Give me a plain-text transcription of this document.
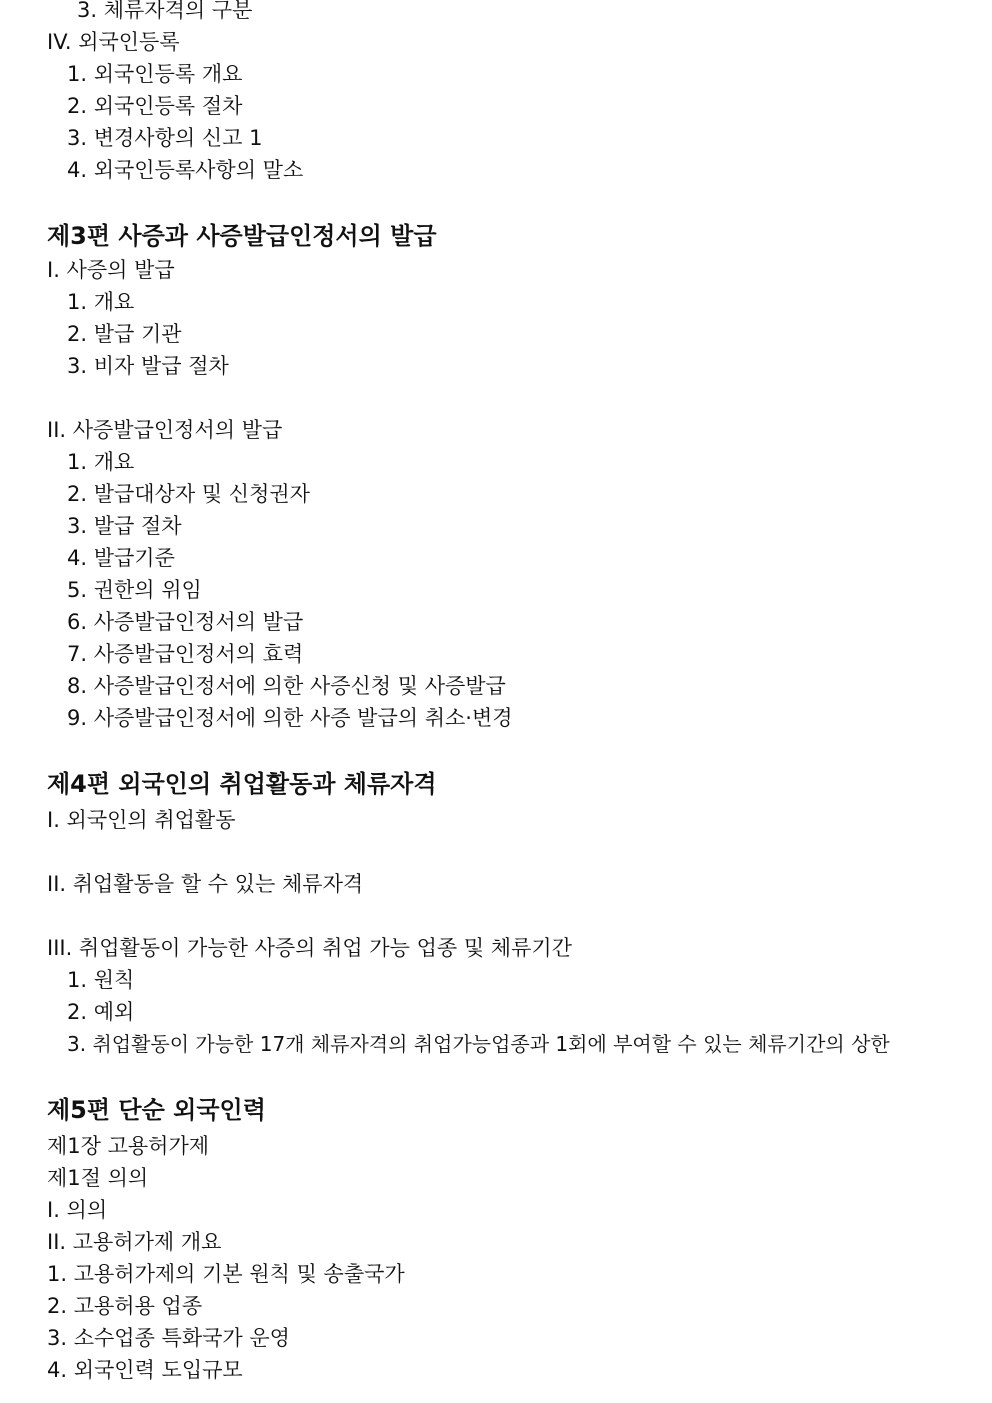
3. 체류자격의 구분
IV. 외국인등록
1. 외국인등록 개요
2. 외국인등록 절차
3. 변경사항의 신고 1
4. 외국인등록사항의 말소
제3편 사증과 사증발급인정서의 발급
I. 사증의 발급
1. 개요
2. 발급 기관
3. 비자 발급 절차
II. 사증발급인정서의 발급
1. 개요
2. 발급대상자 및 신청권자
3. 발급 절차
4. 발급기준
5. 권한의 위임
6. 사증발급인정서의 발급
7. 사증발급인정서의 효력
8. 사증발급인정서에 의한 사증신청 및 사증발급
9. 사증발급인정서에 의한 사증 발급의 취소·변경
제4편 외국인의 취업활동과 체류자격
I. 외국인의 취업활동
II. 취업활동을 할 수 있는 체류자격
III. 취업활동이 가능한 사증의 취업 가능 업종 및 체류기간
1. 원칙
2. 예외
3. 취업활동이 가능한 17개 체류자격의 취업가능업종과 1회에 부여할 수 있는 체류기간의 상한
제5편 단순 외국인력
제1장 고용허가제
제1절 의의
I. 의의
II. 고용허가제 개요
1. 고용허가제의 기본 원칙 및 송출국가
2. 고용허용 업종
3. 소수업종 특화국가 운영
4. 외국인력 도입규모
